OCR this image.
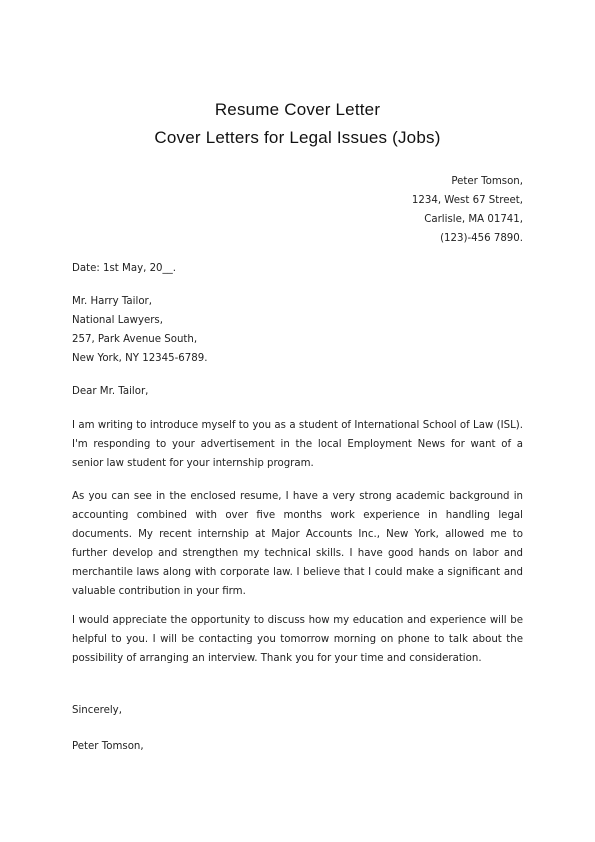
Resume Cover Letter
Cover Letters for Legal Issues (Jobs)
Peter Tomson,
1234, West 67 Street,
Carlisle, MA 01741,
(123)-456 7890.
Date: 1st May, 20__.
Mr. Harry Tailor,
National Lawyers,
257, Park Avenue South,
New York, NY 12345-6789.
Dear Mr. Tailor,
I am writing to introduce myself to you as a student of International School of Law (ISL). I'm responding to your advertisement in the local Employment News for want of a senior law student for your internship program.
As you can see in the enclosed resume, I have a very strong academic background in accounting combined with over five months work experience in handling legal documents. My recent internship at Major Accounts Inc., New York, allowed me to further develop and strengthen my technical skills. I have good hands on labor and merchantile laws along with corporate law. I believe that I could make a significant and valuable contribution in your firm.
I would appreciate the opportunity to discuss how my education and experience will be helpful to you. I will be contacting you tomorrow morning on phone to talk about the possibility of arranging an interview. Thank you for your time and consideration.
Sincerely,
Peter Tomson,
